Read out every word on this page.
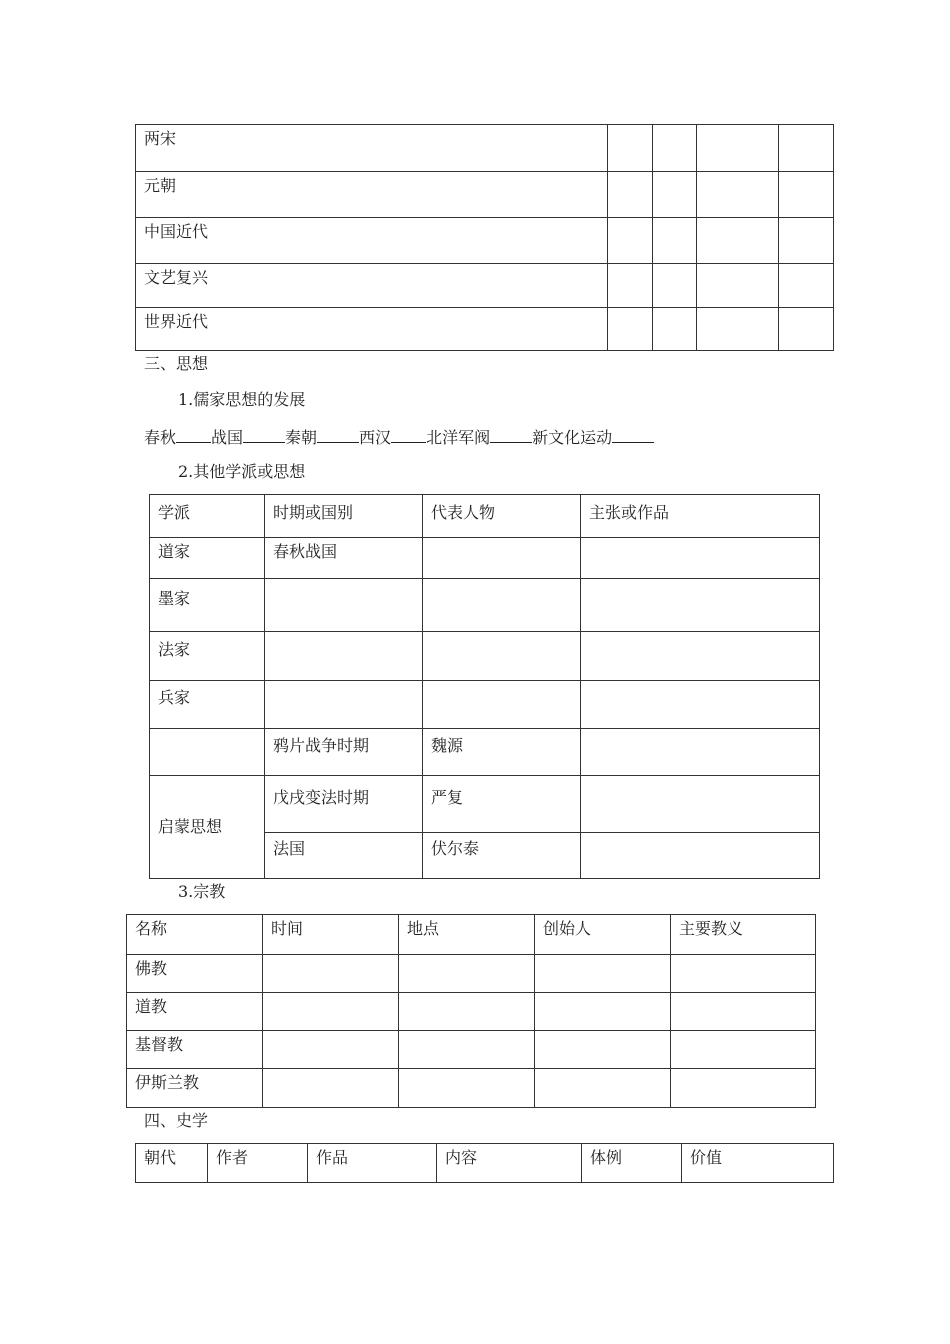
两宋				
元朝				
中国近代				
文艺复兴				
世界近代				
三、思想
1.儒家思想的发展
春秋 战国	秦朝	西汉 北洋军阀	新文化运动
2.其他学派或思想
学派	时期或国别	代表人物	主张或作品
道家	春秋战国		
墨家			
法家			
兵家			
	鸦片战争时期	魏源	
启蒙思想	戊戌变法时期	严复	
	法国	伏尔泰	
3.宗教
名称	时间	地点	创始人	主要教义
佛教				
道教				
基督教				
伊斯兰教				
四、史学
朝代	作者	作品	内容	体例	价值
